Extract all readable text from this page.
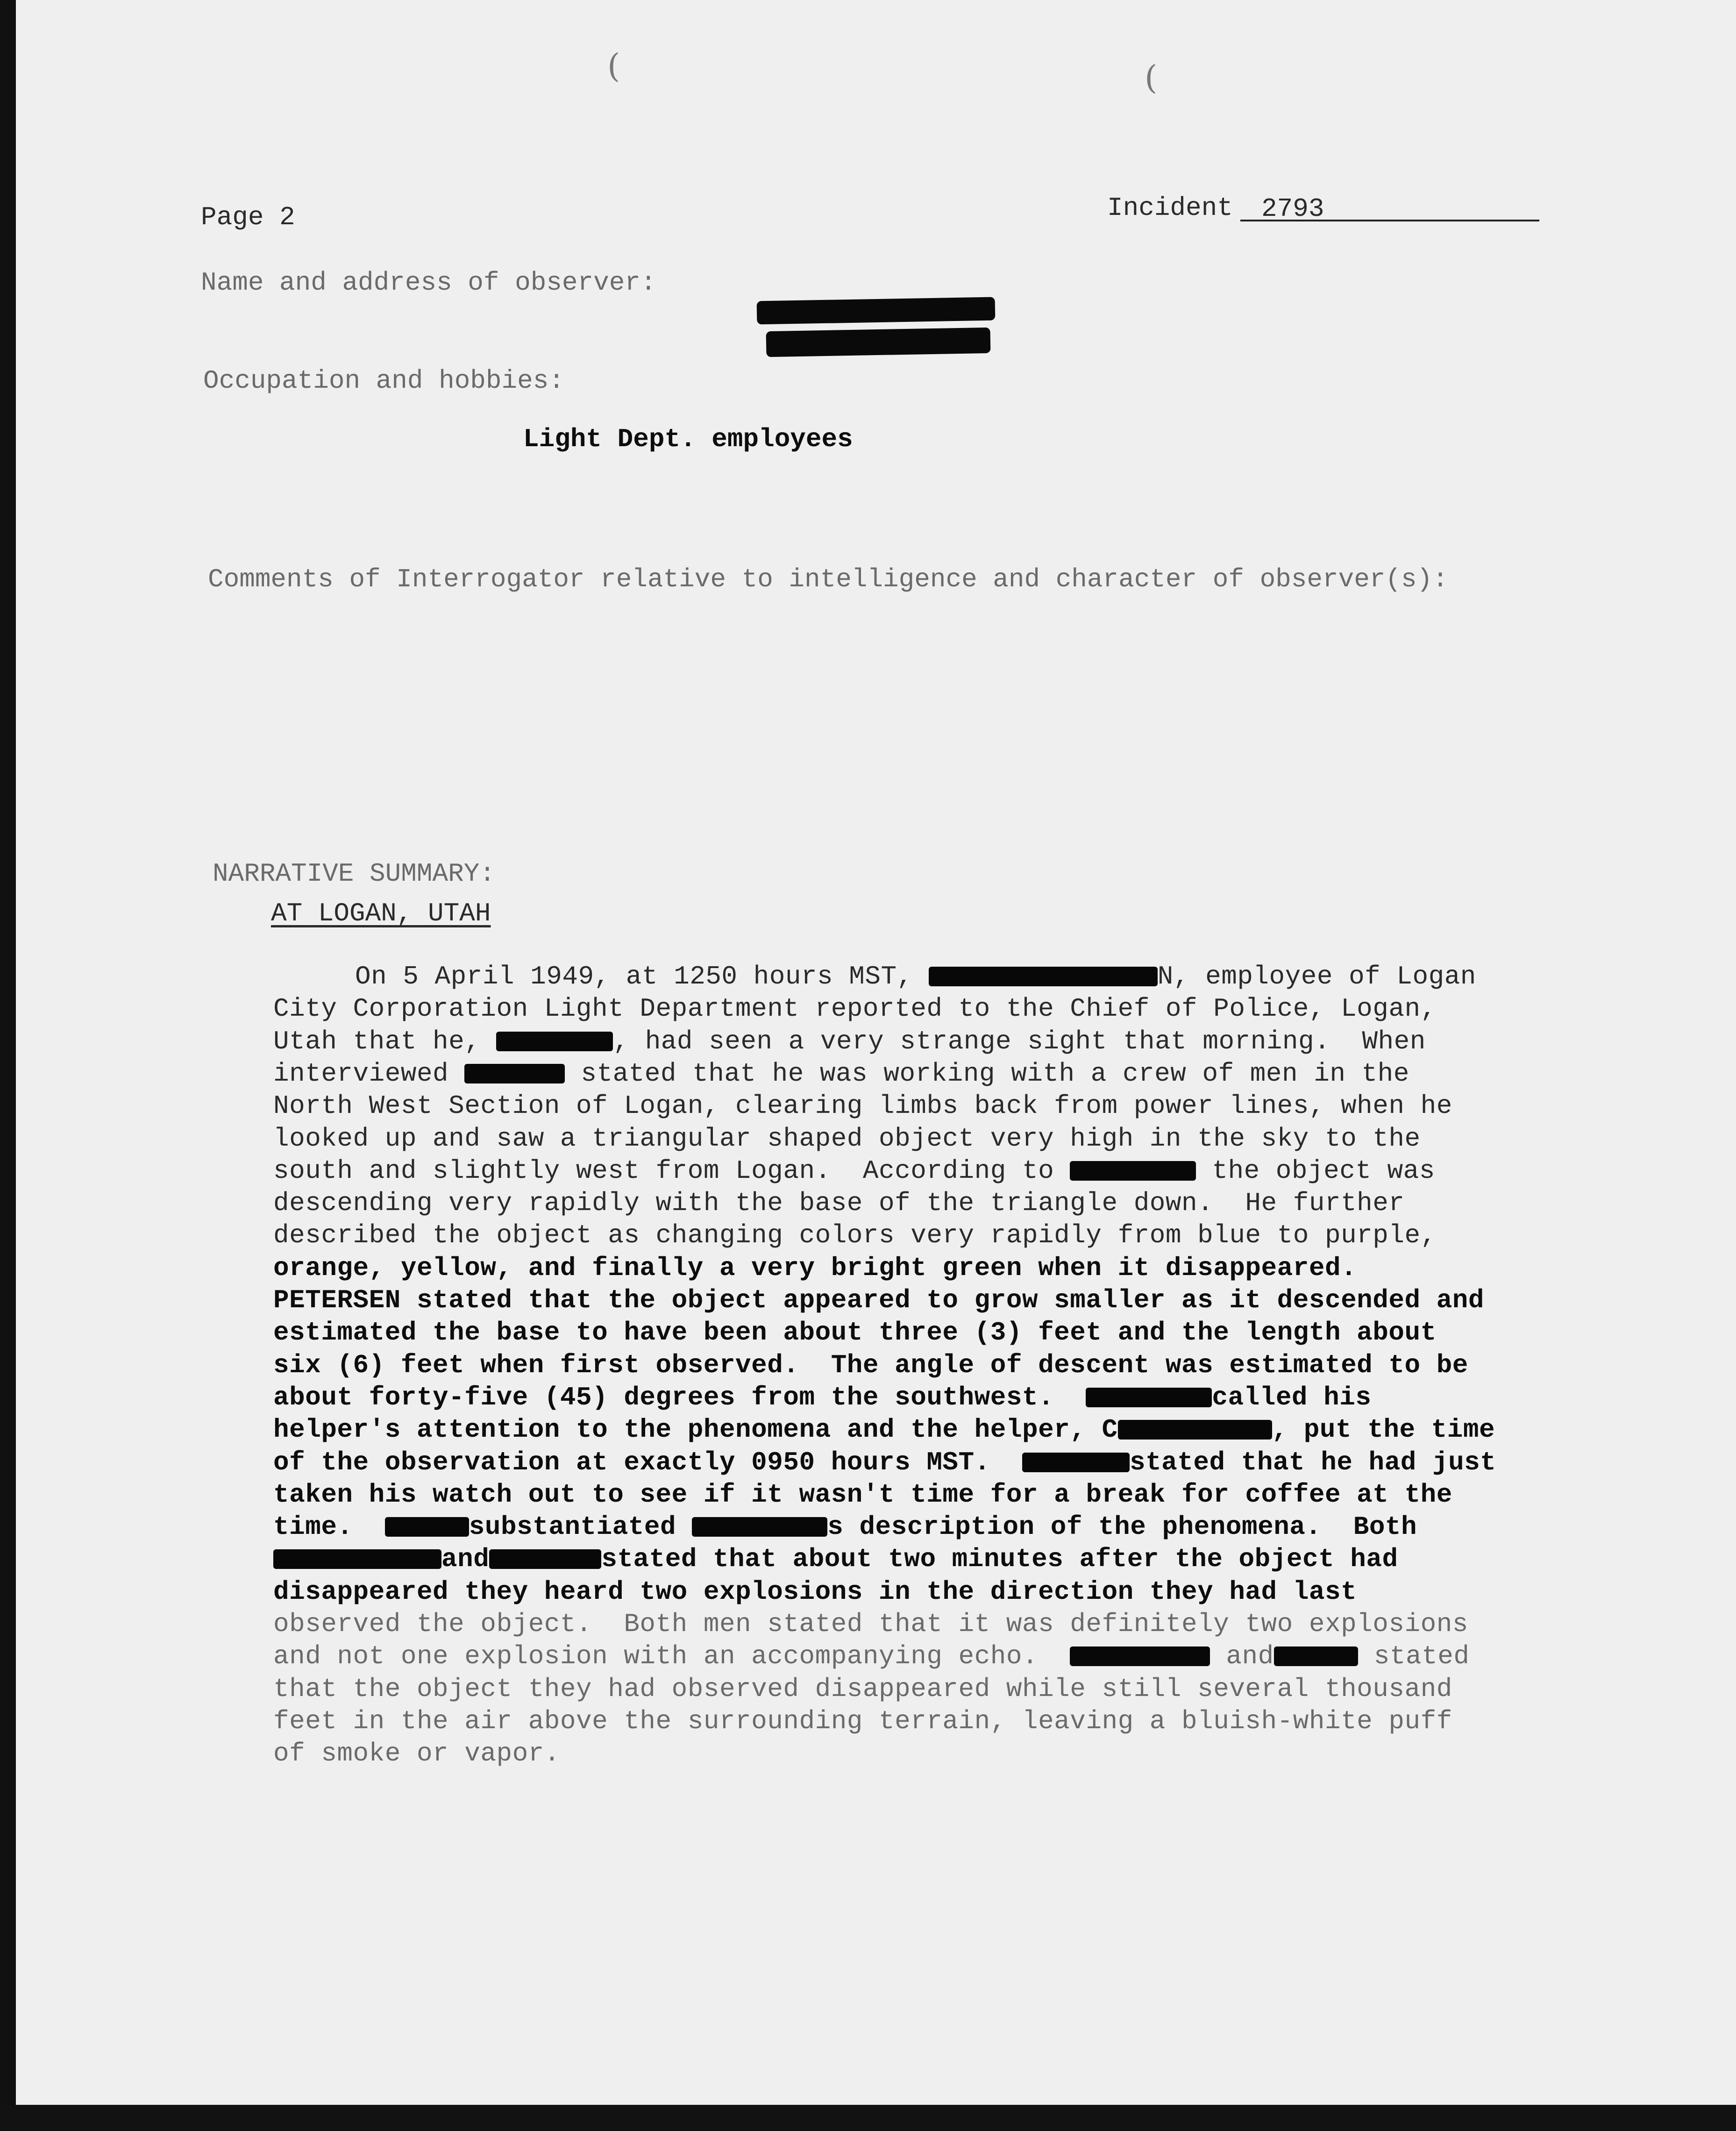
(	(
Page 2	Incident 2793
Name and address of observer:
Occupation and hobbies:
Light Dept. employees
Comments of Interrogator relative to intelligence and character of observer(s):
NARRATIVE SUMMARY:
AT LOGAN, UTAH
On 5 April 1949, at 1250 hours MST,	N, employee of Logan
City Corporation Light Department reported to the Chief of Police, Logan,
Utah that he,	, had seen a very strange sight that morning.  When
interviewed	stated that he was working with a crew of men in the
North West Section of Logan, clearing limbs back from power lines, when he
looked up and saw a triangular shaped object very high in the sky to the
south and slightly west from Logan.  According to	the object was
descending very rapidly with the base of the triangle down.  He further
described the object as changing colors very rapidly from blue to purple,
orange, yellow, and finally a very bright green when it disappeared.
PETERSEN stated that the object appeared to grow smaller as it descended and
estimated the base to have been about three (3) feet and the length about
six (6) feet when first observed.  The angle of descent was estimated to be
about forty-five (45) degrees from the southwest.	called his
helper's attention to the phenomena and the helper, C	, put the time
of the observation at exactly 0950 hours MST.	stated that he had just
taken his watch out to see if it wasn't time for a break for coffee at the
time.	substantiated	s description of the phenomena.  Both
and	stated that about two minutes after the object had
disappeared they heard two explosions in the direction they had last
observed the object.  Both men stated that it was definitely two explosions
and not one explosion with an accompanying echo.	and	stated
that the object they had observed disappeared while still several thousand
feet in the air above the surrounding terrain, leaving a bluish-white puff
of smoke or vapor.
